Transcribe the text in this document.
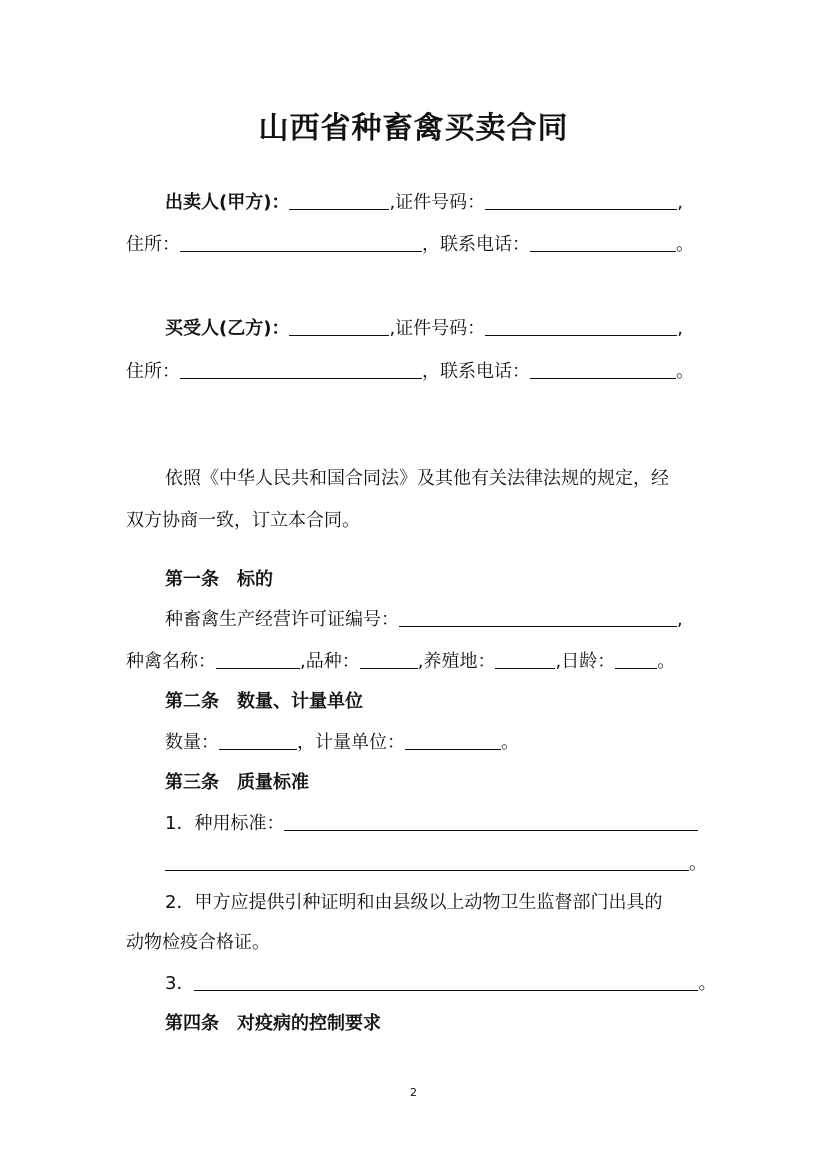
山西省种畜禽买卖合同
出卖人(甲方)：	,证件号码：	,
住所：	，联系电话：	。
买受人(乙方)：	,证件号码：	,
住所：	，联系电话：	。
依照《中华人民共和国合同法》及其他有关法律法规的规定，经
双方协商一致，订立本合同。
第一条　标的
种畜禽生产经营许可证编号：	,
种禽名称：	,品种：	,养殖地：	,日龄： 。
第二条　数量、计量单位
数量：	，计量单位：	。
第三条　质量标准
1．种用标准：
。
2．甲方应提供引种证明和由县级以上动物卫生监督部门出具的
动物检疫合格证。
3．	。
第四条　对疫病的控制要求
2
